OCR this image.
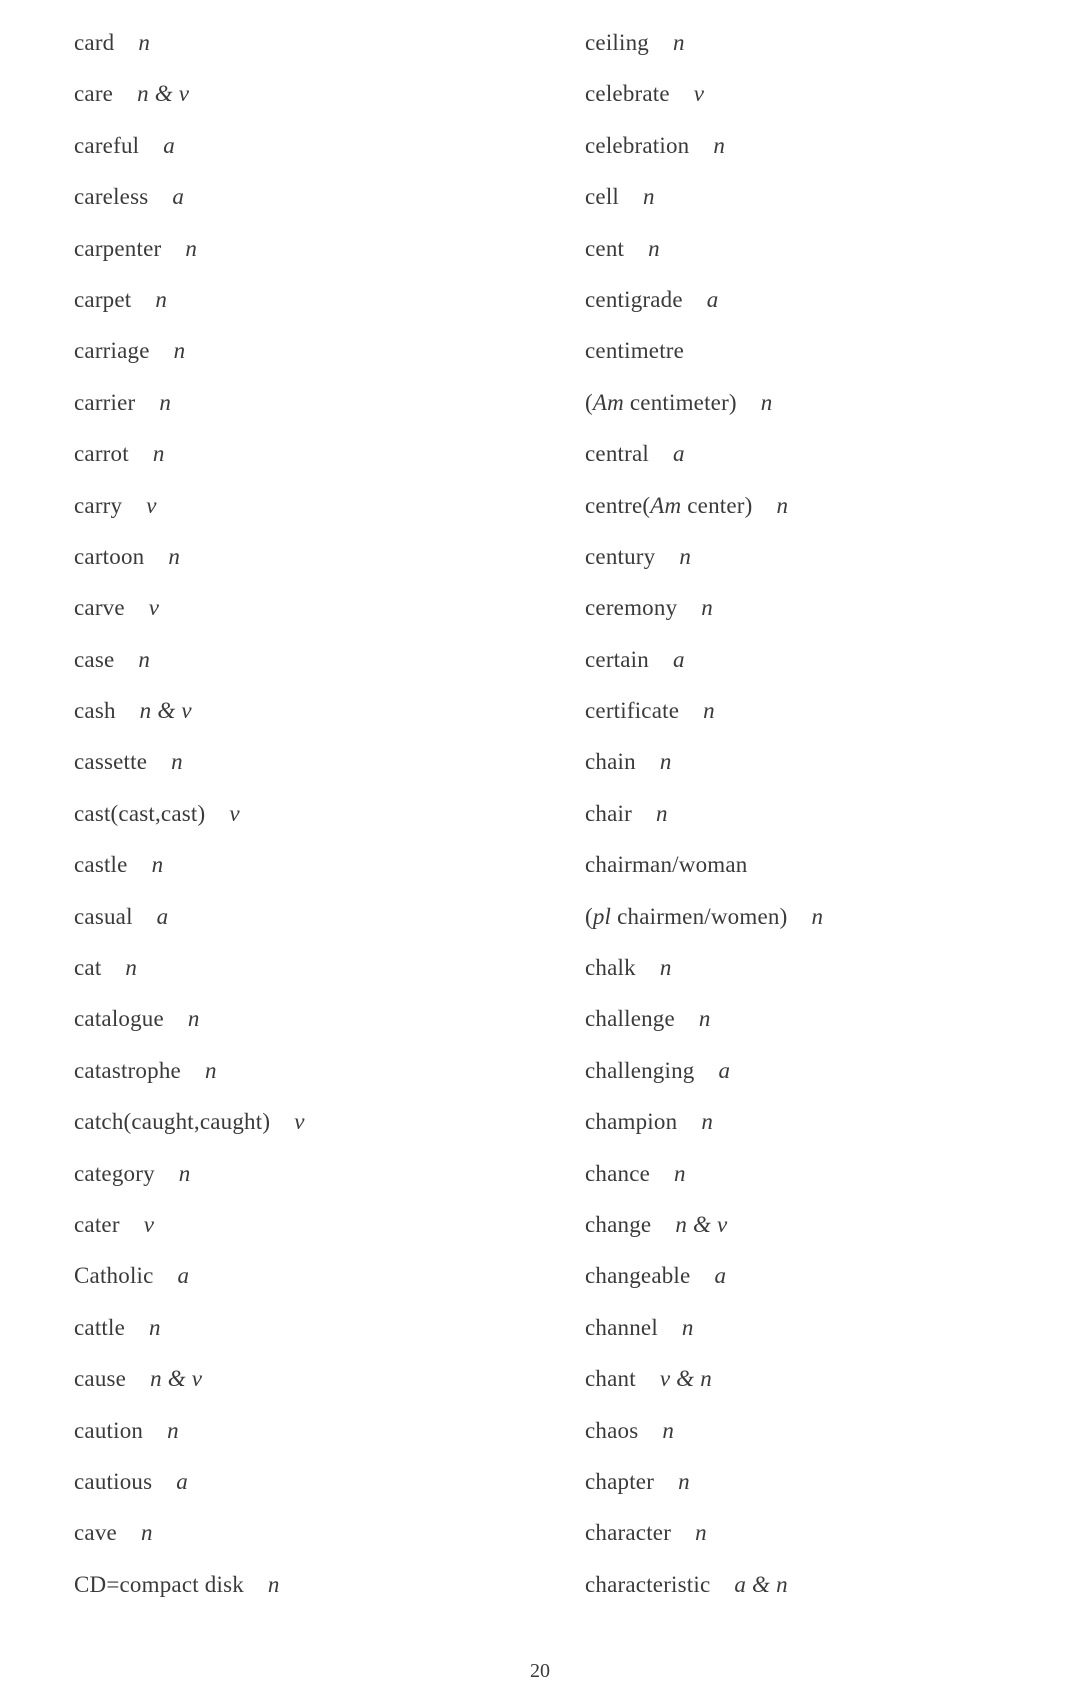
card n
care n & v
careful a
careless a
carpenter n
carpet n
carriage n
carrier n
carrot n
carry v
cartoon n
carve v
case n
cash n & v
cassette n
cast(cast,cast) v
castle n
casual a
cat n
catalogue n
catastrophe n
catch(caught,caught) v
category n
cater v
Catholic a
cattle n
cause n & v
caution n
cautious a
cave n
CD=compact disk n
ceiling n
celebrate v
celebration n
cell n
cent n
centigrade a
centimetre
(Am centimeter) n
central a
centre(Am center) n
century n
ceremony n
certain a
certificate n
chain n
chair n
chairman/woman
(pl chairmen/women) n
chalk n
challenge n
challenging a
champion n
chance n
change n & v
changeable a
channel n
chant v & n
chaos n
chapter n
character n
characteristic a & n
20
